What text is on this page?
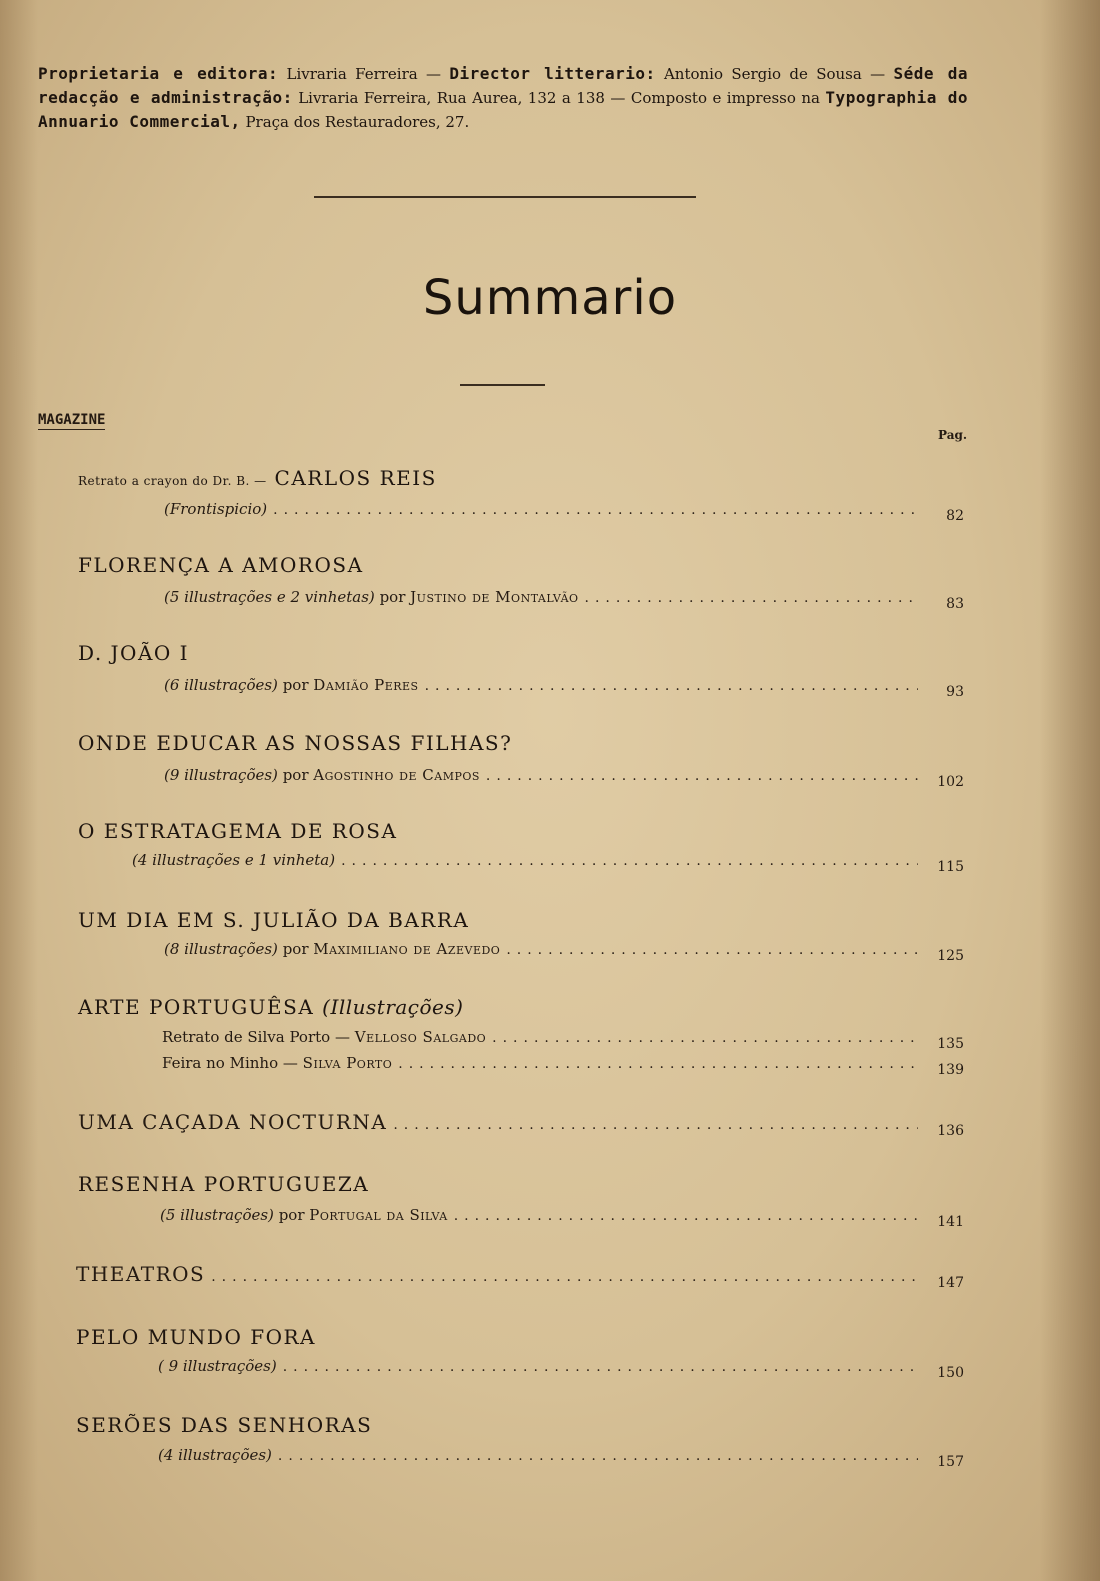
Proprietaria e editora: Livraria Ferreira — Director litterario: Antonio Sergio de Sousa — Séde da redacção e administração: Livraria Ferreira, Rua Aurea, 132 a 138 — Composto e impresso na Typographia do Annuario Commercial, Praça dos Restauradores, 27.
Summario
MAGAZINE
Pag.
Retrato a crayon do Dr. B. — CARLOS REIS
(Frontispicio) .....	82
FLORENÇA A AMOROSA
(5 illustrações e 2 vinhetas) por Justino de Montalvão .....	83
D. JOÃO I
(6 illustrações) por Damião Peres .....	93
ONDE EDUCAR AS NOSSAS FILHAS?
(9 illustrações) por Agostinho de Campos .....	102
O ESTRATAGEMA DE ROSA
(4 illustrações e 1 vinheta) .....	115
UM DIA EM S. JULIÃO DA BARRA
(8 illustrações) por Maximiliano de Azevedo .....	125
ARTE PORTUGUÊSA (Illustrações)
Retrato de Silva Porto — Velloso Salgado .....	135
Feira no Minho — Silva Porto .....	139
UMA CAÇADA NOCTURNA .....	136
RESENHA PORTUGUEZA
(5 illustrações) por Portugal da Silva .....	141
THEATROS .....	147
PELO MUNDO FORA
( 9 illustrações) .....	150
SERÕES DAS SENHORAS
(4 illustrações) .....	157
